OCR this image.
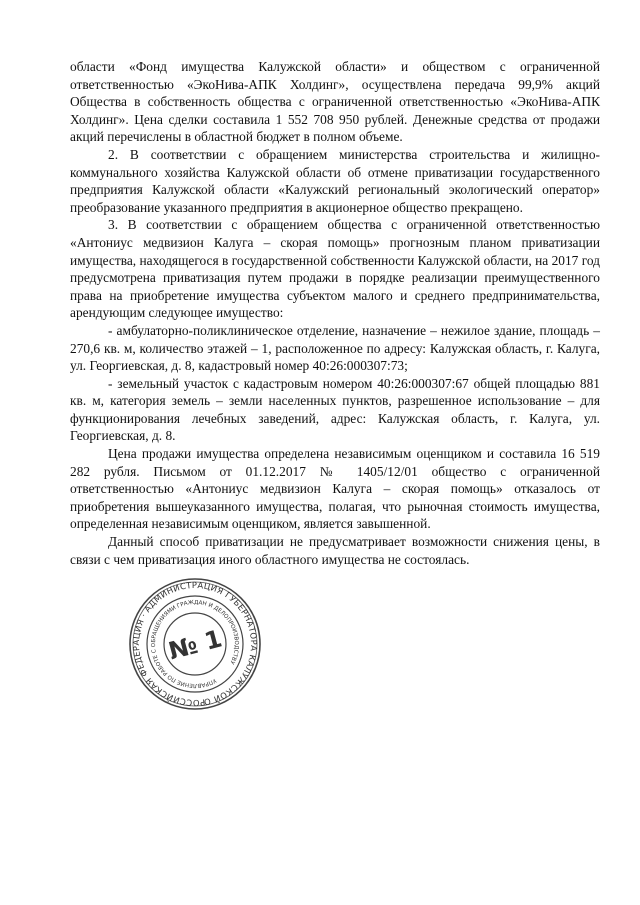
области «Фонд имущества Калужской области» и обществом с ограниченной ответственностью «ЭкоНива-АПК Холдинг», осуществлена передача 99,9% акций Общества в собственность общества с ограниченной ответственностью «ЭкоНива-АПК Холдинг». Цена сделки составила 1 552 708 950 рублей. Денежные средства от продажи акций перечислены в областной бюджет в полном объеме.

2. В соответствии с обращением министерства строительства и жилищно-коммунального хозяйства Калужской области об отмене приватизации государственного предприятия Калужской области «Калужский региональный экологический оператор» преобразование указанного предприятия в акционерное общество прекращено.

3. В соответствии с обращением общества с ограниченной ответственностью «Антониус медвизион Калуга – скорая помощь» прогнозным планом приватизации имущества, находящегося в государственной собственности Калужской области, на 2017 год предусмотрена приватизация путем продажи в порядке реализации преимущественного права на приобретение имущества субъектом малого и среднего предпринимательства, арендующим следующее имущество:

- амбулаторно-поликлиническое отделение, назначение – нежилое здание, площадь – 270,6 кв. м, количество этажей – 1, расположенное по адресу: Калужская область, г. Калуга, ул. Георгиевская, д. 8, кадастровый номер 40:26:000307:73;

- земельный участок с кадастровым номером 40:26:000307:67 общей площадью 881 кв. м, категория земель – земли населенных пунктов, разрешенное использование – для функционирования лечебных заведений, адрес: Калужская область, г. Калуга, ул. Георгиевская, д. 8.

Цена продажи имущества определена независимым оценщиком и составила 16 519 282 рубля. Письмом от 01.12.2017 № 1405/12/01 общество с ограниченной ответственностью «Антониус медвизион Калуга – скорая помощь» отказалось от приобретения вышеуказанного имущества, полагая, что рыночная стоимость имущества, определенная независимым оценщиком, является завышенной.

Данный способ приватизации не предусматривает возможности снижения цены, в связи с чем приватизация иного областного имущества не состоялась.

РОССИЙСКАЯ ФЕДЕРАЦИЯ · АДМИНИСТРАЦИЯ ГУБЕРНАТОРА КАЛУЖСКОЙ ОБЛАСТИ
УПРАВЛЕНИЕ ПО РАБОТЕ С ОБРАЩЕНИЯМИ ГРАЖДАН И ДЕЛОПРОИЗВОДСТВУ
№ 1
